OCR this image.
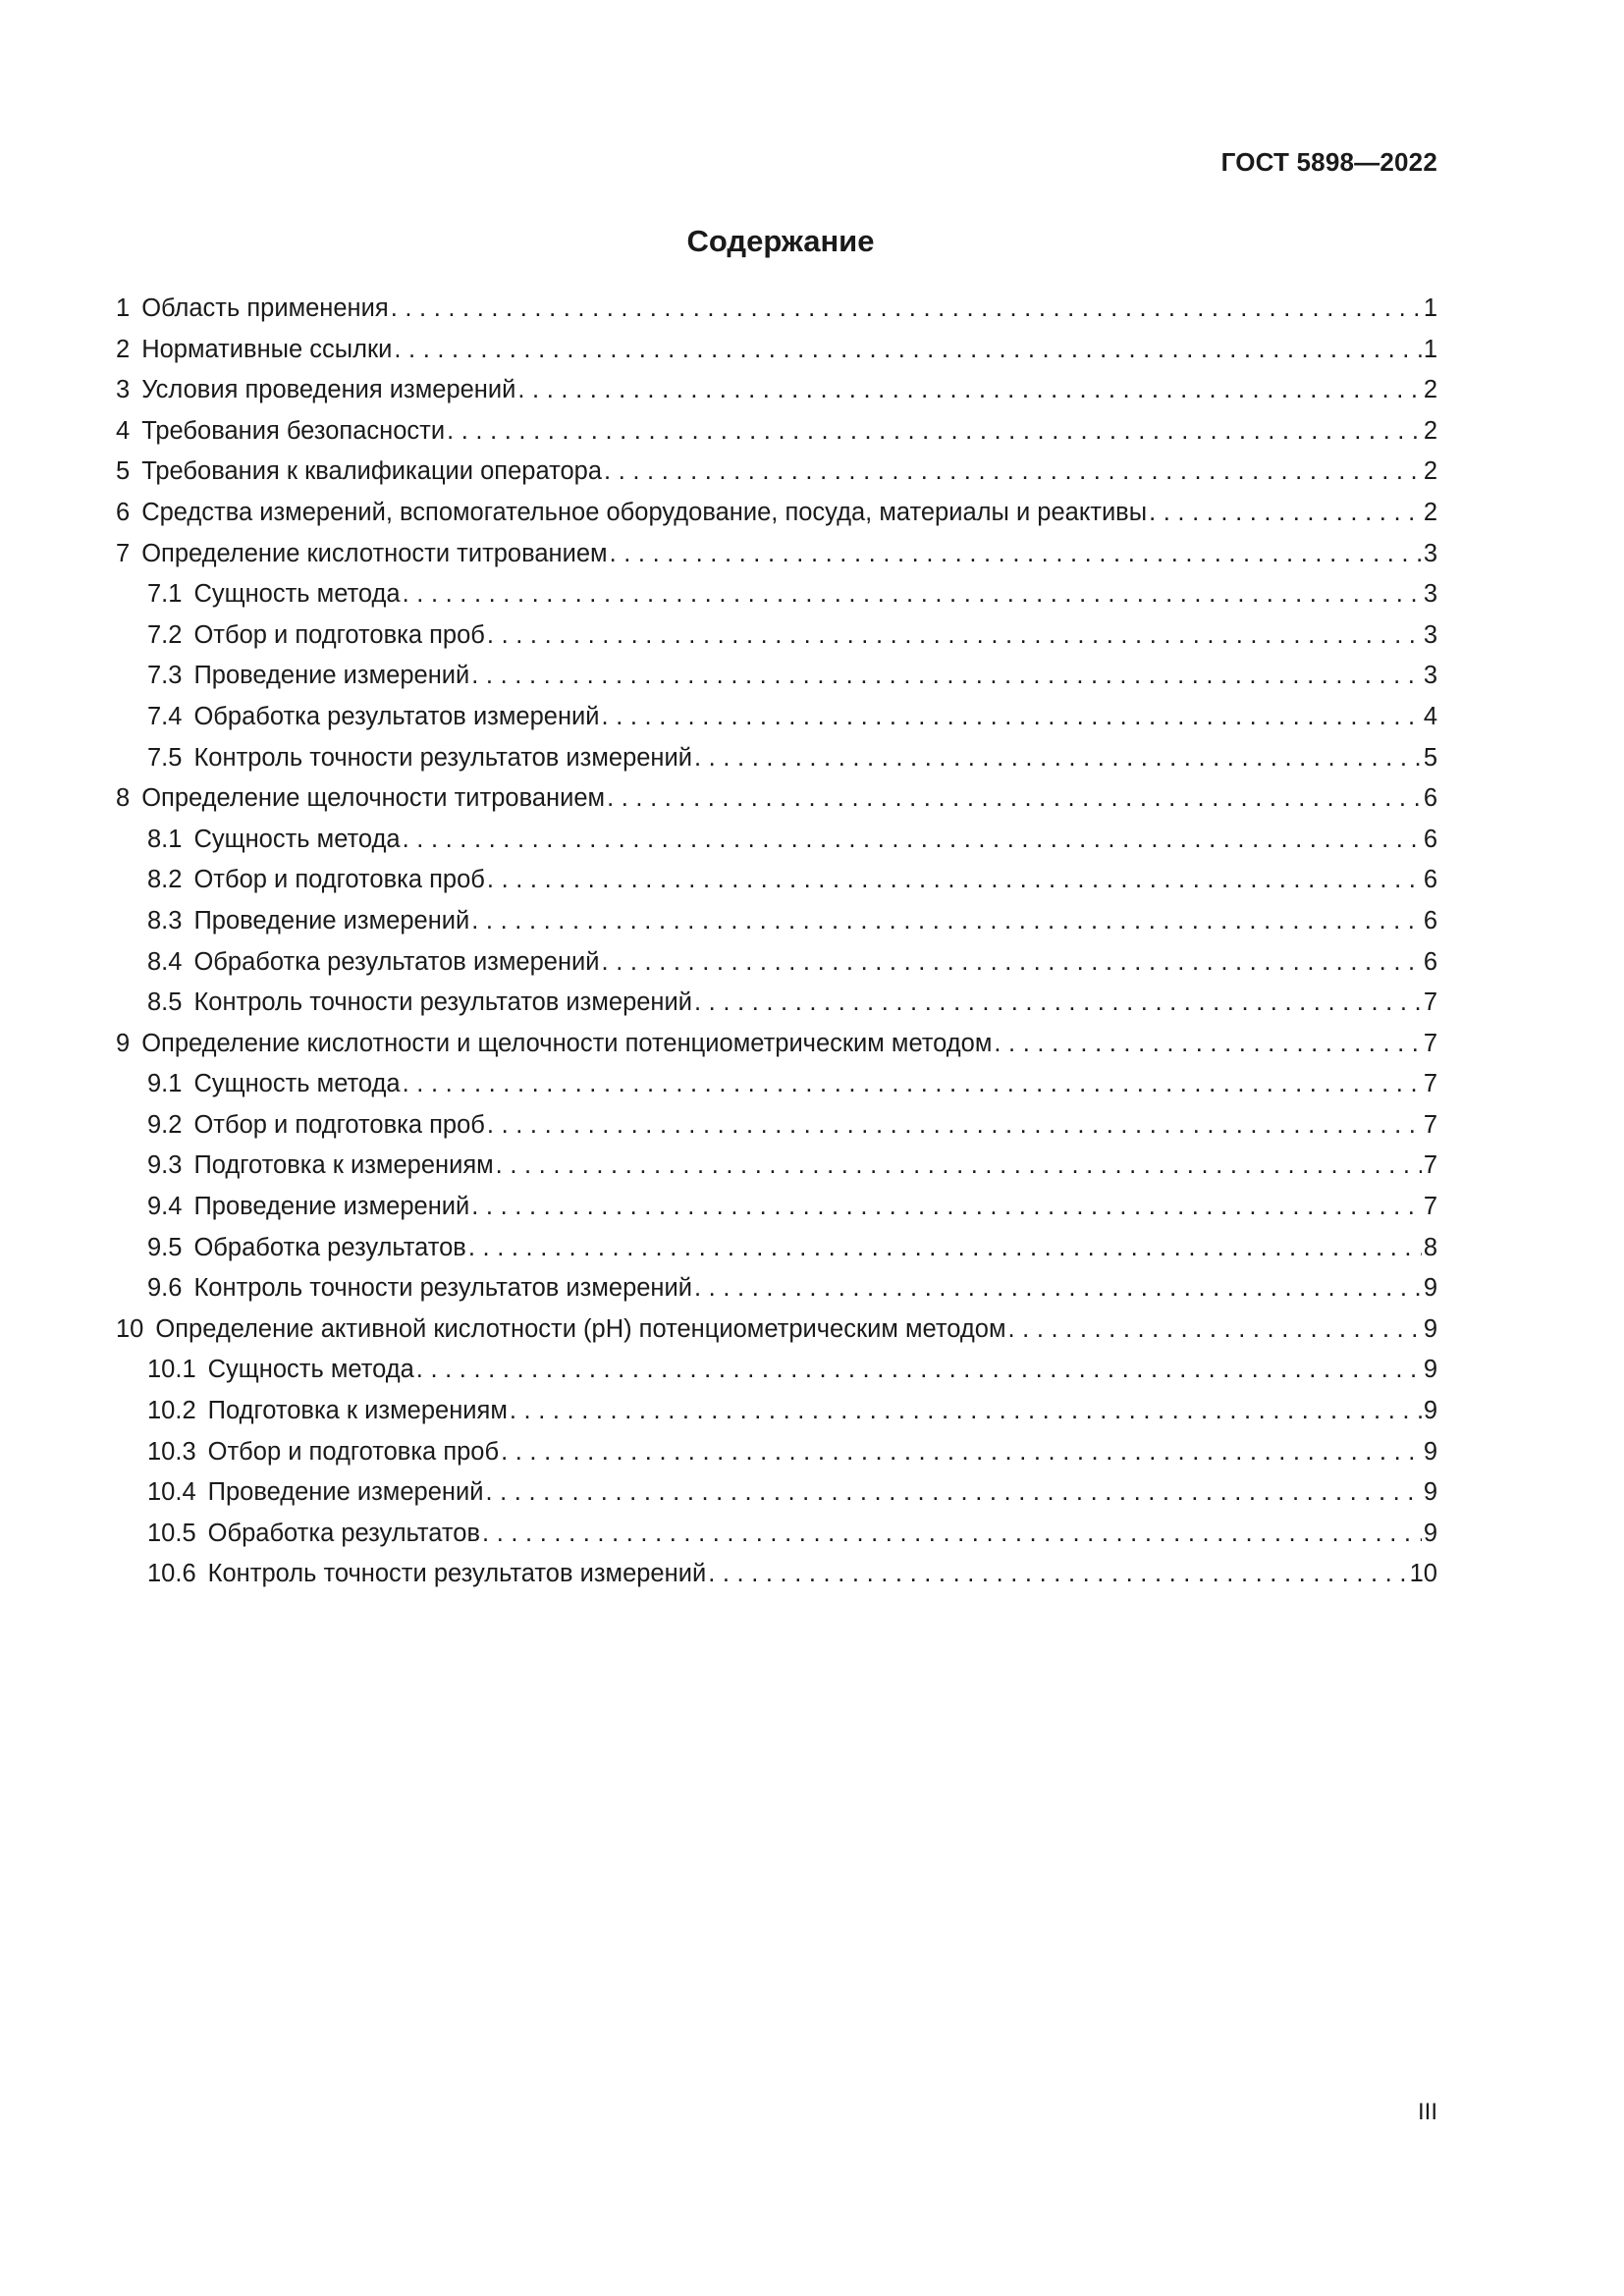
ГОСТ 5898—2022
Содержание
1 Область применения . . .	1
2 Нормативные ссылки . . .	1
3 Условия проведения измерений . . .	2
4 Требования безопасности . . .	2
5 Требования к квалификации оператора . . .	2
6 Средства измерений, вспомогательное оборудование, посуда, материалы и реактивы . . .	2
7 Определение кислотности титрованием . . .	3
7.1 Сущность метода . . .	3
7.2 Отбор и подготовка проб . . .	3
7.3 Проведение измерений . . .	3
7.4 Обработка результатов измерений . . .	4
7.5 Контроль точности результатов измерений . . .	5
8 Определение щелочности титрованием . . .	6
8.1 Сущность метода . . .	6
8.2 Отбор и подготовка проб . . .	6
8.3 Проведение измерений . . .	6
8.4 Обработка результатов измерений . . .	6
8.5 Контроль точности результатов измерений . . .	7
9 Определение кислотности и щелочности потенциометрическим методом . . .	7
9.1 Сущность метода . . .	7
9.2 Отбор и подготовка проб . . .	7
9.3 Подготовка к измерениям . . .	7
9.4 Проведение измерений . . .	7
9.5 Обработка результатов . . .	8
9.6 Контроль точности результатов измерений . . .	9
10 Определение активной кислотности (рН) потенциометрическим методом . . .	9
10.1 Сущность метода . . .	9
10.2 Подготовка к измерениям . . .	9
10.3 Отбор и подготовка проб . . .	9
10.4 Проведение измерений . . .	9
10.5 Обработка результатов . . .	9
10.6 Контроль точности результатов измерений . . .	10
III
